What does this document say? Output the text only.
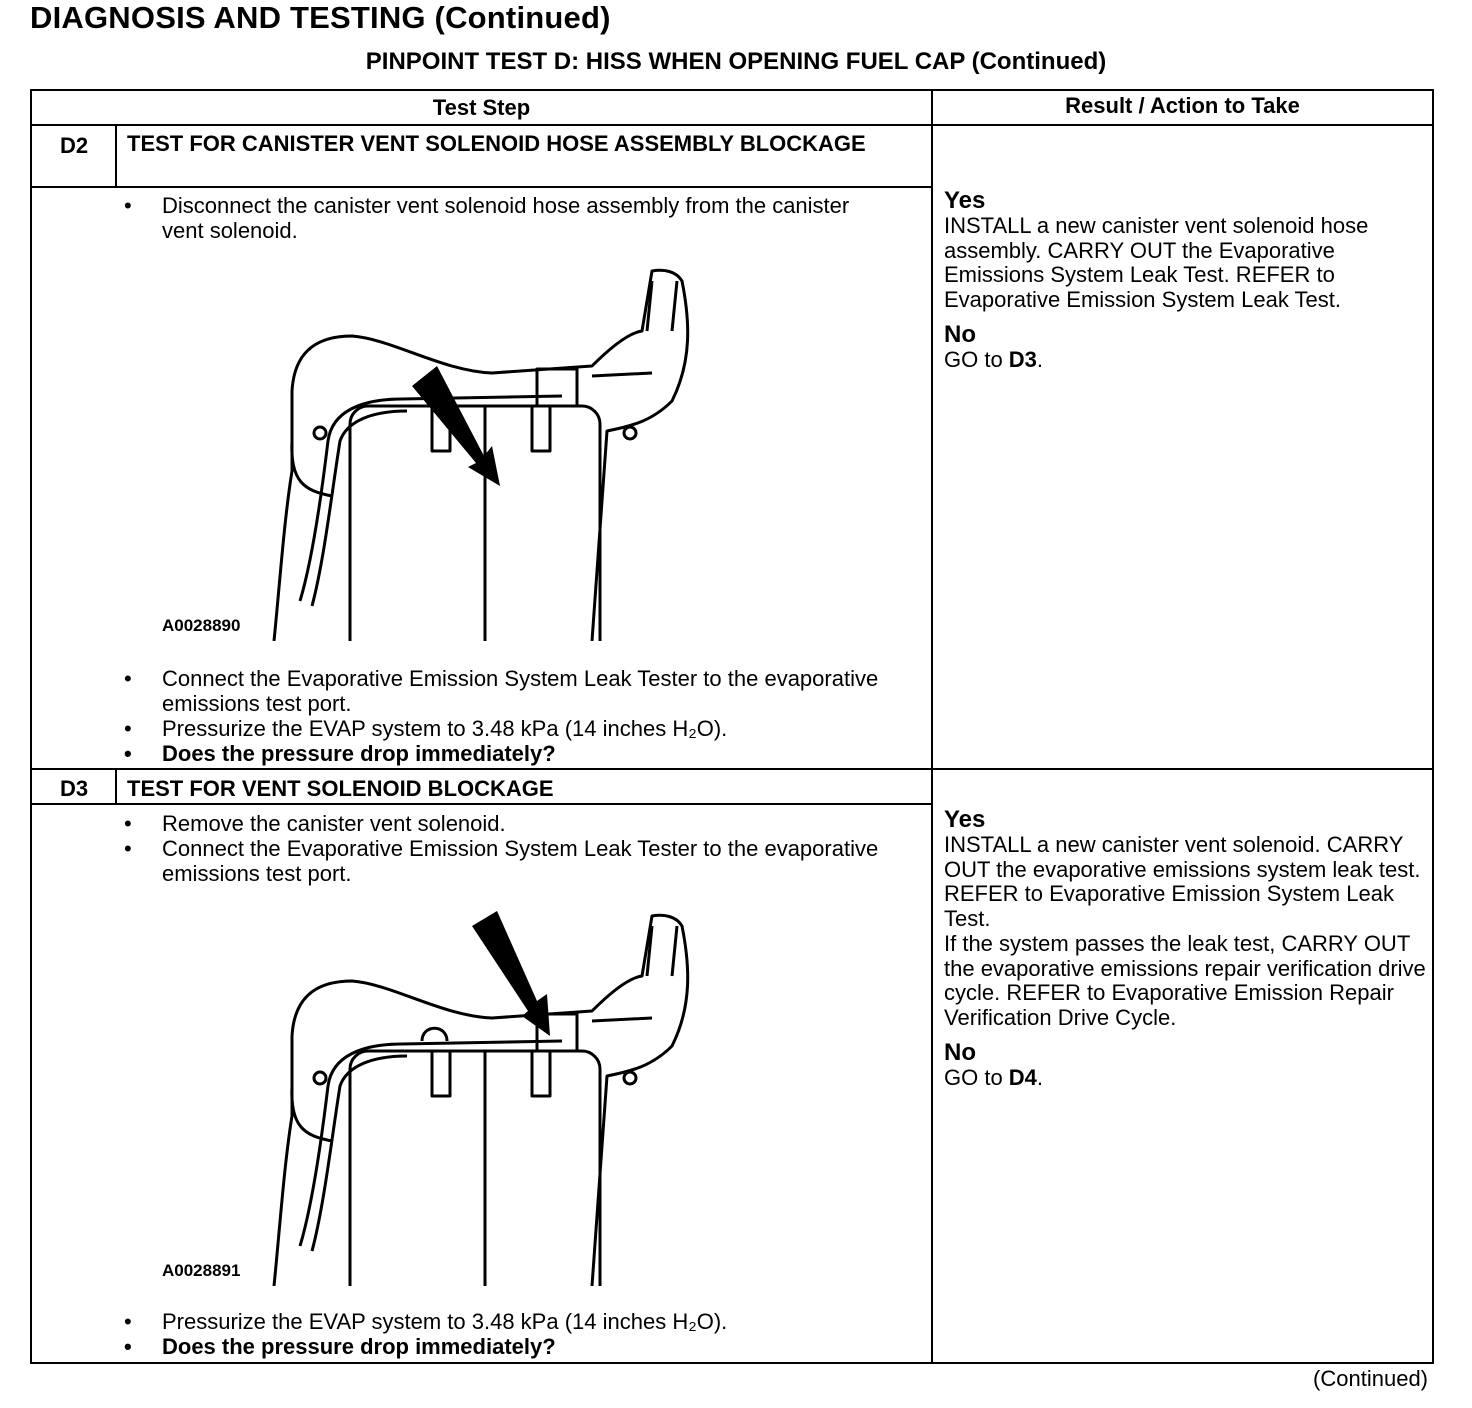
DIAGNOSIS AND TESTING (Continued)
PINPOINT TEST D: HISS WHEN OPENING FUEL CAP (Continued)
Test Step	Result / Action to Take
D2	TEST FOR CANISTER VENT SOLENOID HOSE ASSEMBLY BLOCKAGE
• Disconnect the canister vent solenoid hose assembly from the canister vent solenoid.
A0028890
• Connect the Evaporative Emission System Leak Tester to the evaporative emissions test port.
• Pressurize the EVAP system to 3.48 kPa (14 inches H₂O).
• Does the pressure drop immediately?
Yes

INSTALL a new canister vent solenoid hose assembly. CARRY OUT the Evaporative Emissions System Leak Test. REFER to Evaporative Emission System Leak Test.

No

GO to D3.

D3	TEST FOR VENT SOLENOID BLOCKAGE
• Remove the canister vent solenoid.
• Connect the Evaporative Emission System Leak Tester to the evaporative emissions test port.
A0028891
• Pressurize the EVAP system to 3.48 kPa (14 inches H₂O).
• Does the pressure drop immediately?
Yes

INSTALL a new canister vent solenoid. CARRY OUT the evaporative emissions system leak test. REFER to Evaporative Emission System Leak Test.

If the system passes the leak test, CARRY OUT the evaporative emissions repair verification drive cycle. REFER to Evaporative Emission Repair Verification Drive Cycle.

No

GO to D4.

(Continued)
